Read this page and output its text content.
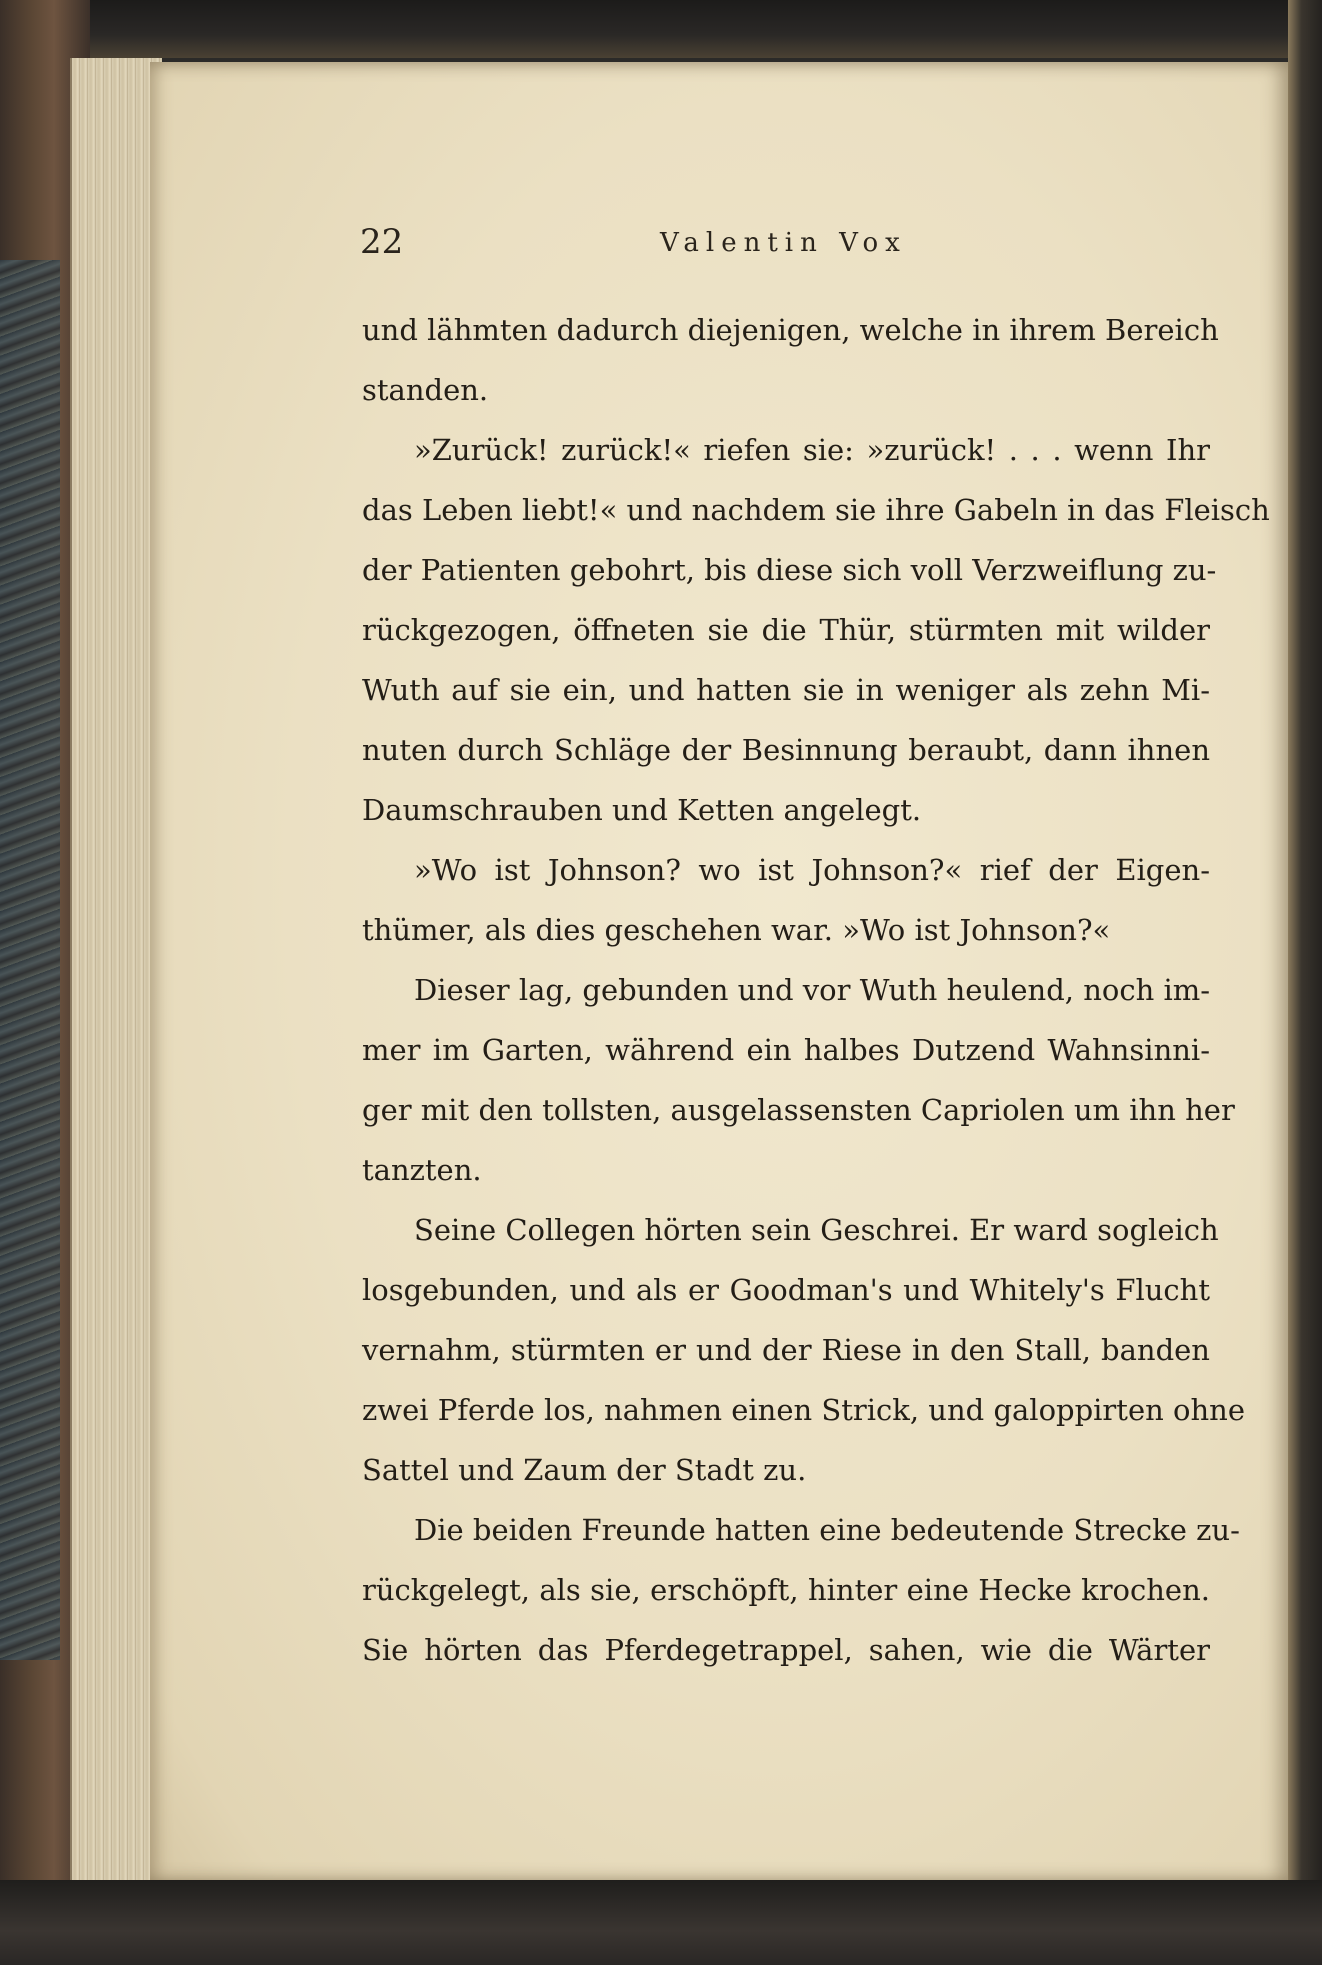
22	Valentin Vox
und lähmten dadurch diejenigen, welche in ihrem Bereich
standen.
»Zurück! zurück!« riefen sie: »zurück! . . . wenn Ihr
das Leben liebt!« und nachdem sie ihre Gabeln in das Fleisch
der Patienten gebohrt, bis diese sich voll Verzweiflung zu-
rückgezogen, öffneten sie die Thür, stürmten mit wilder
Wuth auf sie ein, und hatten sie in weniger als zehn Mi-
nuten durch Schläge der Besinnung beraubt, dann ihnen
Daumschrauben und Ketten angelegt.
»Wo ist Johnson? wo ist Johnson?« rief der Eigen-
thümer, als dies geschehen war. »Wo ist Johnson?«
Dieser lag, gebunden und vor Wuth heulend, noch im-
mer im Garten, während ein halbes Dutzend Wahnsinni-
ger mit den tollsten, ausgelassensten Capriolen um ihn her
tanzten.
Seine Collegen hörten sein Geschrei. Er ward sogleich
losgebunden, und als er Goodman's und Whitely's Flucht
vernahm, stürmten er und der Riese in den Stall, banden
zwei Pferde los, nahmen einen Strick, und galoppirten ohne
Sattel und Zaum der Stadt zu.
Die beiden Freunde hatten eine bedeutende Strecke zu-
rückgelegt, als sie, erschöpft, hinter eine Hecke krochen.
Sie hörten das Pferdegetrappel, sahen, wie die Wärter
